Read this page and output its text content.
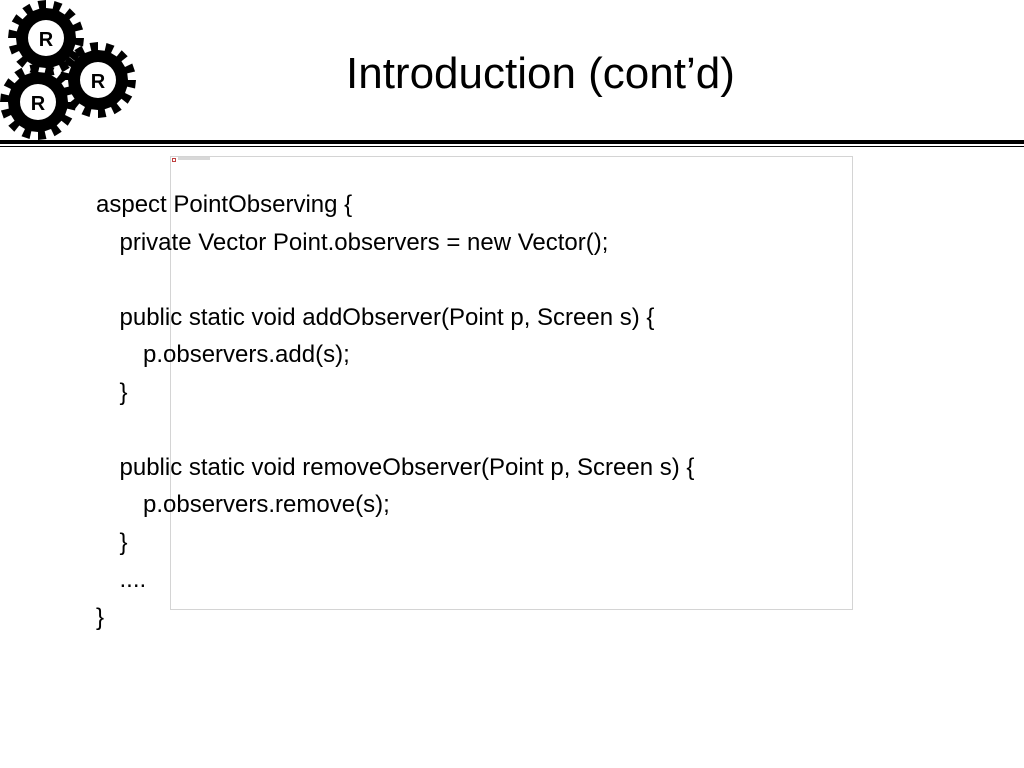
R
R
R
Introduction (cont’d)
aspect PointObserving {
private Vector Point.observers = new Vector();
public static void addObserver(Point p, Screen s) {
p.observers.add(s);
}
public static void removeObserver(Point p, Screen s) {
p.observers.remove(s);
}
....
}
